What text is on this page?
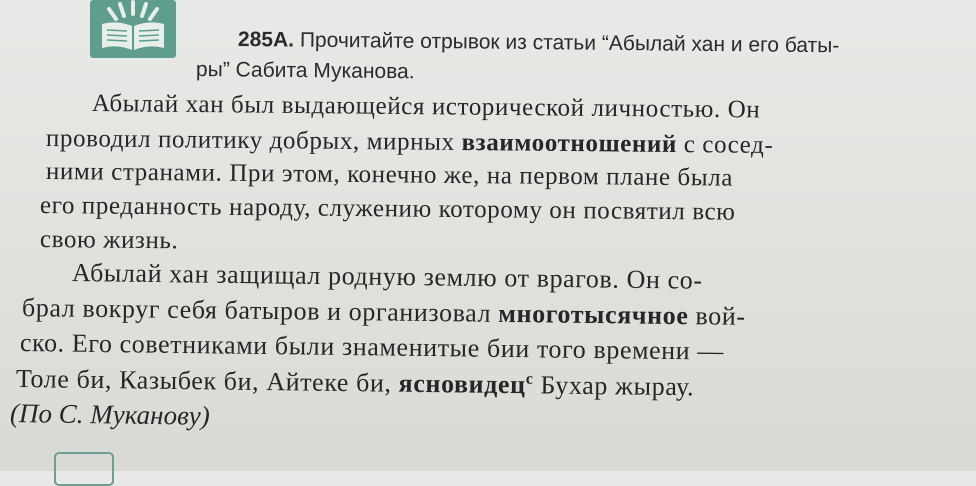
285А. Прочитайте отрывок из статьи “Абылай хан и его баты-
ры” Сабита Муканова.
Абылай хан был выдающейся исторической личностью. Он
проводил политику добрых, мирных взаимоотношений с сосед-
ними странами. При этом, конечно же, на первом плане была
его преданность народу, служению которому он посвятил всю
свою жизнь.
Абылай хан защищал родную землю от врагов. Он со-
брал вокруг себя батыров и организовал многотысячное вой-
ско. Его советниками были знаменитые бии того времени —
Толе би, Казыбек би, Айтеке би, ясновидец$^с$ Бухар жырау.
(По С. Муканову)
